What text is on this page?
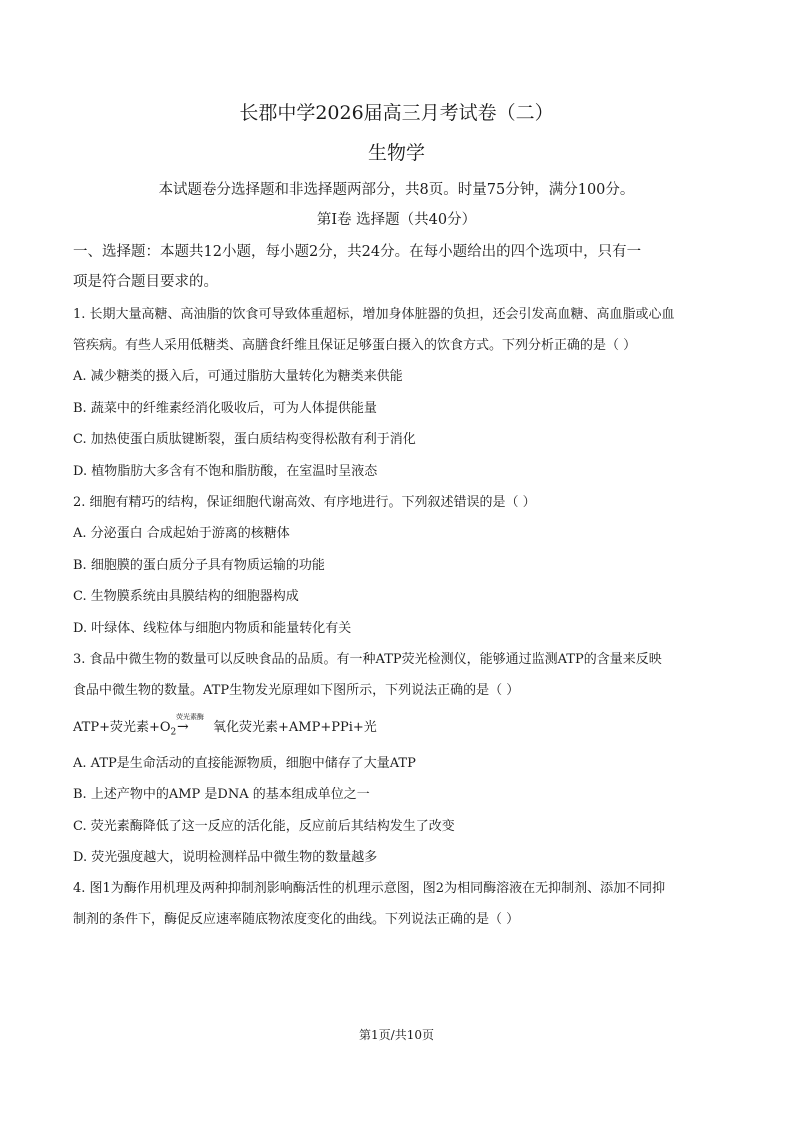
长郡中学2026届高三月考试卷（二）
生物学
本试题卷分选择题和非选择题两部分，共8页。时量75分钟，满分100分。
第I卷 选择题（共40分）
一、选择题：本题共12小题，每小题2分，共24分。在每小题给出的四个选项中，只有一
项是符合题目要求的。
1. 长期大量高糖、高油脂的饮食可导致体重超标，增加身体脏器的负担，还会引发高血糖、高血脂或心血
管疾病。有些人采用低糖类、高膳食纤维且保证足够蛋白摄入的饮食方式。下列分析正确的是（ ）
A. 减少糖类的摄入后，可通过脂肪大量转化为糖类来供能
B. 蔬菜中的纤维素经消化吸收后，可为人体提供能量
C. 加热使蛋白质肽键断裂，蛋白质结构变得松散有利于消化
D. 植物脂肪大多含有不饱和脂肪酸，在室温时呈液态
2. 细胞有精巧的结构，保证细胞代谢高效、有序地进行。下列叙述错误的是（ ）
A. 分泌蛋白 合成起始于游离的核糖体
B. 细胞膜的蛋白质分子具有物质运输的功能
C. 生物膜系统由具膜结构的细胞器构成
D. 叶绿体、线粒体与细胞内物质和能量转化有关
3. 食品中微生物的数量可以反映食品的品质。有一种ATP荧光检测仪，能够通过监测ATP的含量来反映
食品中微生物的数量。ATP生物发光原理如下图所示，下列说法正确的是（ ）
ATP+荧光素$+O_2$
荧光素酶
→ 氧化荧光素+AMP+PPi+光
A. ATP是生命活动的直接能源物质，细胞中储存了大量ATP
B. 上述产物中的AMP 是DNA 的基本组成单位之一
C. 荧光素酶降低了这一反应的活化能，反应前后其结构发生了改变
D. 荧光强度越大，说明检测样品中微生物的数量越多
4. 图1为酶作用机理及两种抑制剂影响酶活性的机理示意图，图2为相同酶溶液在无抑制剂、添加不同抑
制剂的条件下，酶促反应速率随底物浓度变化的曲线。下列说法正确的是（ ）
第1页/共10页
